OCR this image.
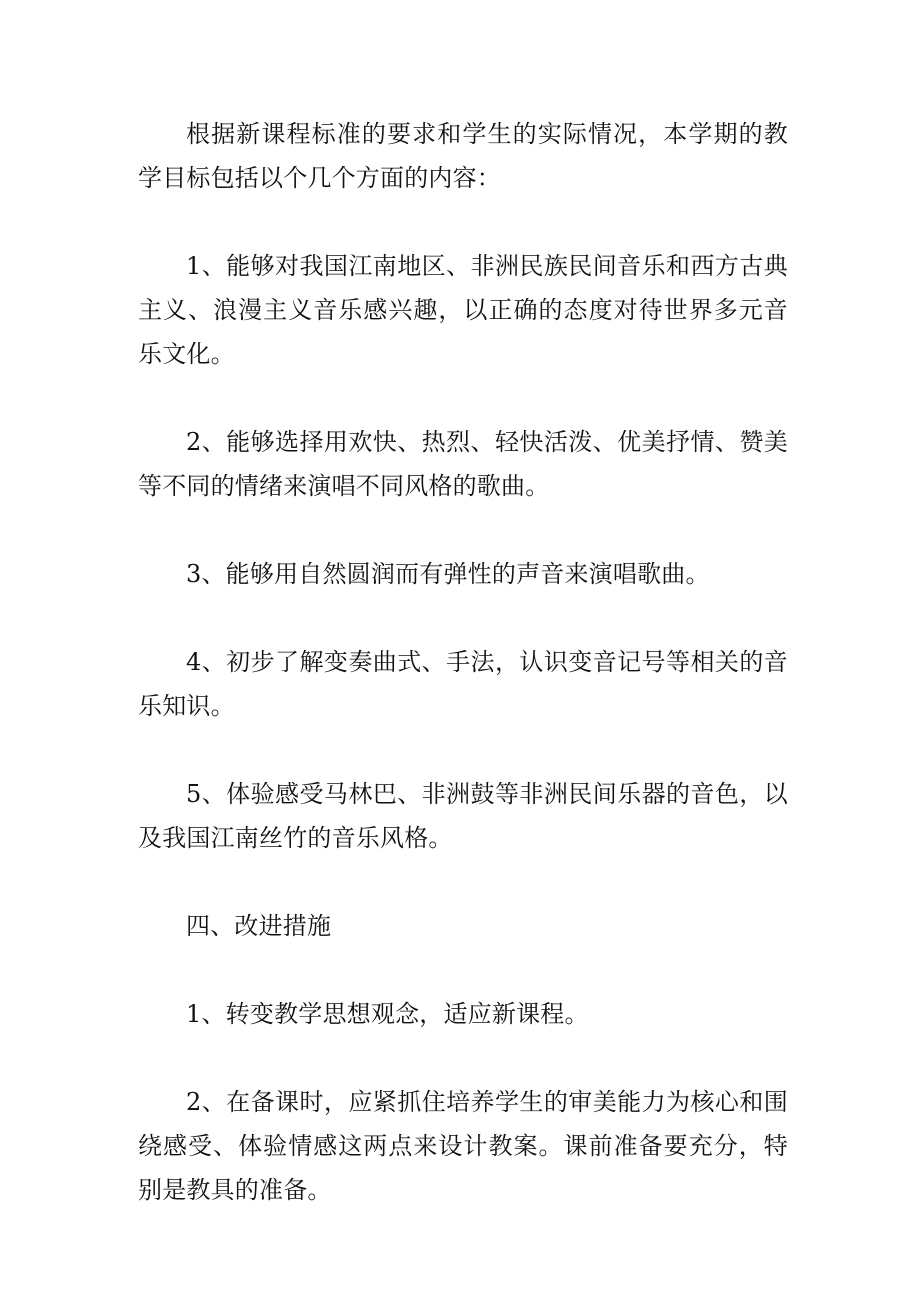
根据新课程标准的要求和学生的实际情况，本学期的教学目标包括以个几个方面的内容：

1、能够对我国江南地区、非洲民族民间音乐和西方古典主义、浪漫主义音乐感兴趣，以正确的态度对待世界多元音乐文化。

2、能够选择用欢快、热烈、轻快活泼、优美抒情、赞美等不同的情绪来演唱不同风格的歌曲。

3、能够用自然圆润而有弹性的声音来演唱歌曲。

4、初步了解变奏曲式、手法，认识变音记号等相关的音乐知识。

5、体验感受马林巴、非洲鼓等非洲民间乐器的音色，以及我国江南丝竹的音乐风格。

四、改进措施

1、转变教学思想观念，适应新课程。

2、在备课时，应紧抓住培养学生的审美能力为核心和围绕感受、体验情感这两点来设计教案。课前准备要充分，特别是教具的准备。
